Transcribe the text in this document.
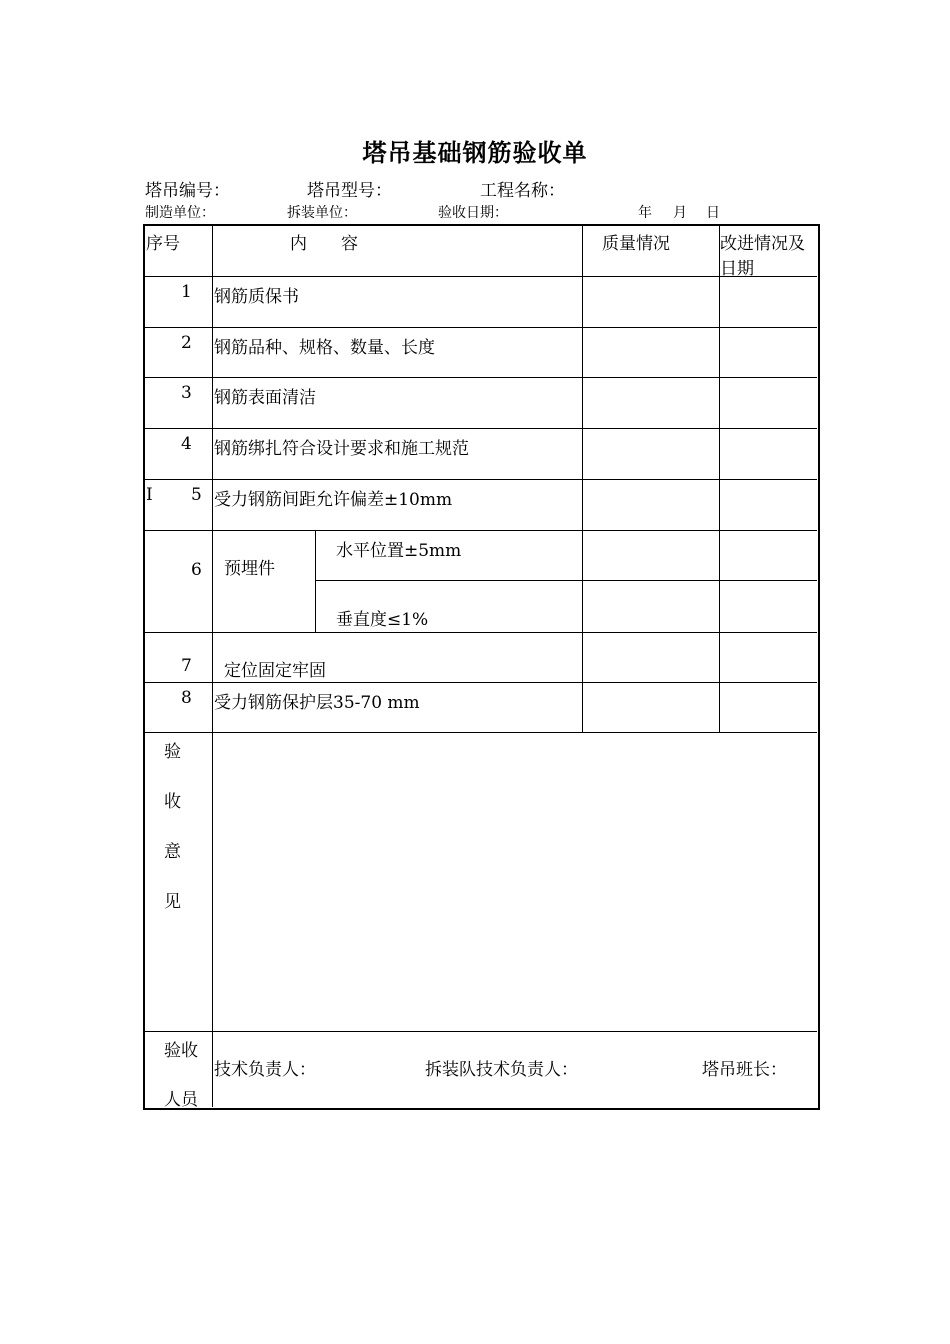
塔吊基础钢筋验收单
塔吊编号：	塔吊型号：	工程名称：
制造单位：	拆装单位：	验收日期：	年 月 日
序号	内　　容	质量情况	改进情况及
日期
1 钢筋质保书
2 钢筋品种、规格、数量、长度
3 钢筋表面清洁
4 钢筋绑扎符合设计要求和施工规范
I 5 受力钢筋间距允许偏差±10mm
6 预埋件
水平位置±5mm
垂直度≤1%
7 定位固定牢固
8 受力钢筋保护层35-70 mm
验
收
意
见
验收
人员
技术负责人：	拆装队技术负责人：	塔吊班长：
